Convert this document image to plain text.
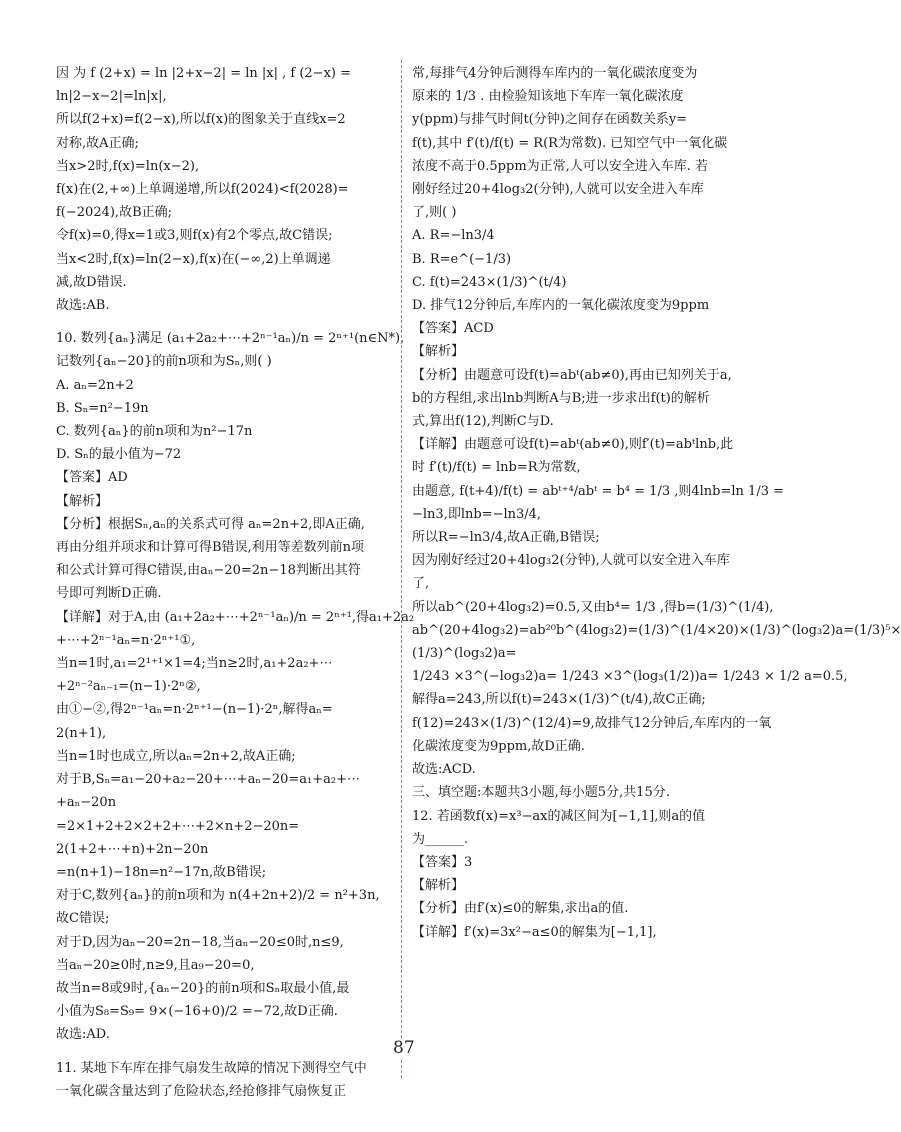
因 为 f (2+x) = ln |2+x−2| = ln |x| , f (2−x) =
ln|2−x−2|=ln|x|,
所以f(2+x)=f(2−x),所以f(x)的图象关于直线x=2
对称,故A正确;
当x>2时,f(x)=ln(x−2),
f(x)在(2,+∞)上单调递增,所以f(2024)<f(2028)=
f(−2024),故B正确;
令f(x)=0,得x=1或3,则f(x)有2个零点,故C错误;
当x<2时,f(x)=ln(2−x),f(x)在(−∞,2)上单调递
减,故D错误.
故选:AB.
10. 数列{aₙ}满足 (a₁+2a₂+⋯+2ⁿ⁻¹aₙ)/n = 2ⁿ⁺¹(n∈N*),
记数列{aₙ−20}的前n项和为Sₙ,则( )
A. aₙ=2n+2
B. Sₙ=n²−19n
C. 数列{aₙ}的前n项和为n²−17n
D. Sₙ的最小值为−72
【答案】AD
【解析】
【分析】根据Sₙ,aₙ的关系式可得 aₙ=2n+2,即A正确,
再由分组并项求和计算可得B错误,利用等差数列前n项
和公式计算可得C错误,由aₙ−20=2n−18判断出其符
号即可判断D正确.
【详解】对于A,由 (a₁+2a₂+⋯+2ⁿ⁻¹aₙ)/n = 2ⁿ⁺¹,得a₁+2a₂
+⋯+2ⁿ⁻¹aₙ=n·2ⁿ⁺¹①,
当n=1时,a₁=2¹⁺¹×1=4;当n≥2时,a₁+2a₂+⋯
+2ⁿ⁻²aₙ₋₁=(n−1)·2ⁿ②,
由①−②,得2ⁿ⁻¹aₙ=n·2ⁿ⁺¹−(n−1)·2ⁿ,解得aₙ=
2(n+1),
当n=1时也成立,所以aₙ=2n+2,故A正确;
对于B,Sₙ=a₁−20+a₂−20+⋯+aₙ−20=a₁+a₂+⋯
+aₙ−20n
=2×1+2+2×2+2+⋯+2×n+2−20n=
2(1+2+⋯+n)+2n−20n
=n(n+1)−18n=n²−17n,故B错误;
对于C,数列{aₙ}的前n项和为 n(4+2n+2)/2 = n²+3n,
故C错误;
对于D,因为aₙ−20=2n−18,当aₙ−20≤0时,n≤9,
当aₙ−20≥0时,n≥9,且a₉−20=0,
故当n=8或9时,{aₙ−20}的前n项和Sₙ取最小值,最
小值为S₈=S₉= 9×(−16+0)/2 =−72,故D正确.
故选:AD.
11. 某地下车库在排气扇发生故障的情况下测得空气中
一氧化碳含量达到了危险状态,经抢修排气扇恢复正
常,每排气4分钟后测得车库内的一氧化碳浓度变为
原来的 1/3 . 由检验知该地下车库一氧化碳浓度
y(ppm)与排气时间t(分钟)之间存在函数关系y=
f(t),其中 f′(t)/f(t) = R(R为常数). 已知空气中一氧化碳
浓度不高于0.5ppm为正常,人可以安全进入车库. 若
刚好经过20+4log₃2(分钟),人就可以安全进入车库
了,则( )
A. R=−ln3/4
B. R=e^(−1/3)
C. f(t)=243×(1/3)^(t/4)
D. 排气12分钟后,车库内的一氧化碳浓度变为9ppm
【答案】ACD
【解析】
【分析】由题意可设f(t)=abᵗ(ab≠0),再由已知列关于a,
b的方程组,求出lnb判断A与B;进一步求出f(t)的解析
式,算出f(12),判断C与D.
【详解】由题意可设f(t)=abᵗ(ab≠0),则f′(t)=abᵗlnb,此
时 f′(t)/f(t) = lnb=R为常数,
由题意, f(t+4)/f(t) = abᵗ⁺⁴/abᵗ = b⁴ = 1/3 ,则4lnb=ln 1/3 =
−ln3,即lnb=−ln3/4,
所以R=−ln3/4,故A正确,B错误;
因为刚好经过20+4log₃2(分钟),人就可以安全进入车库
了,
所以ab^(20+4log₃2)=0.5,又由b⁴= 1/3 ,得b=(1/3)^(1/4),
ab^(20+4log₃2)=ab²⁰b^(4log₃2)=(1/3)^(1/4×20)×(1/3)^(log₃2)a=(1/3)⁵×
(1/3)^(log₃2)a=
1/243 ×3^(−log₃2)a= 1/243 ×3^(log₃(1/2))a= 1/243 × 1/2 a=0.5,
解得a=243,所以f(t)=243×(1/3)^(t/4),故C正确;
f(12)=243×(1/3)^(12/4)=9,故排气12分钟后,车库内的一氧
化碳浓度变为9ppm,故D正确.
故选:ACD.
三、填空题:本题共3小题,每小题5分,共15分.
12. 若函数f(x)=x³−ax的减区间为[−1,1],则a的值
为______.
【答案】3
【解析】
【分析】由f′(x)≤0的解集,求出a的值.
【详解】f′(x)=3x²−a≤0的解集为[−1,1],
87
